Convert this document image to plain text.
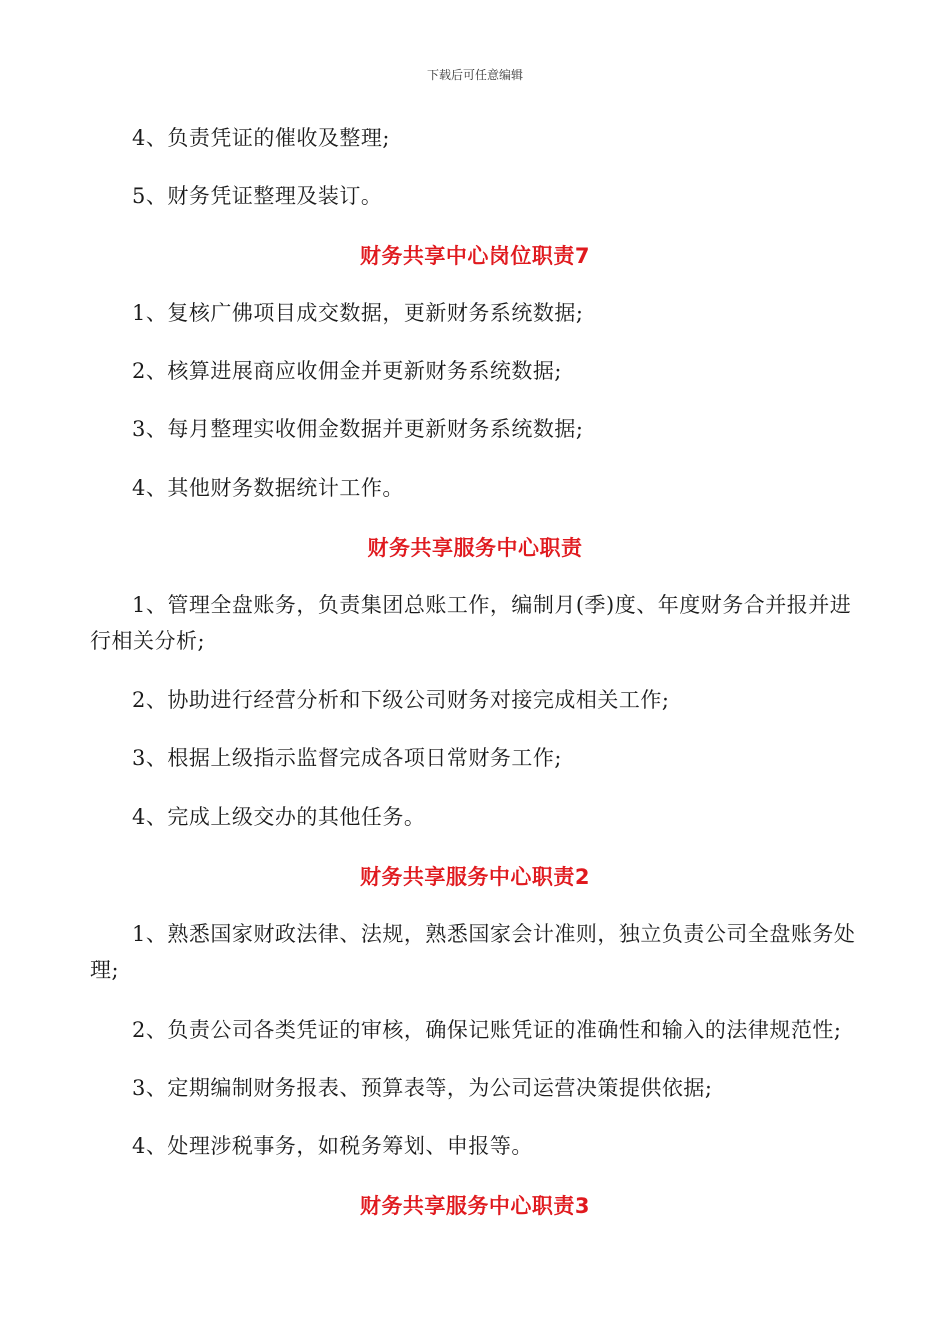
下载后可任意编辑

4、负责凭证的催收及整理;

5、财务凭证整理及装订。

财务共享中心岗位职责7

1、复核广佛项目成交数据，更新财务系统数据;

2、核算进展商应收佣金并更新财务系统数据;

3、每月整理实收佣金数据并更新财务系统数据;

4、其他财务数据统计工作。

财务共享服务中心职责

1、管理全盘账务，负责集团总账工作，编制月(季)度、年度财务合并报并进行相关分析;

2、协助进行经营分析和下级公司财务对接完成相关工作;

3、根据上级指示监督完成各项日常财务工作;

4、完成上级交办的其他任务。

财务共享服务中心职责2

1、熟悉国家财政法律、法规，熟悉国家会计准则，独立负责公司全盘账务处理;

2、负责公司各类凭证的审核，确保记账凭证的准确性和输入的法律规范性;

3、定期编制财务报表、预算表等，为公司运营决策提供依据;

4、处理涉税事务，如税务筹划、申报等。

财务共享服务中心职责3
